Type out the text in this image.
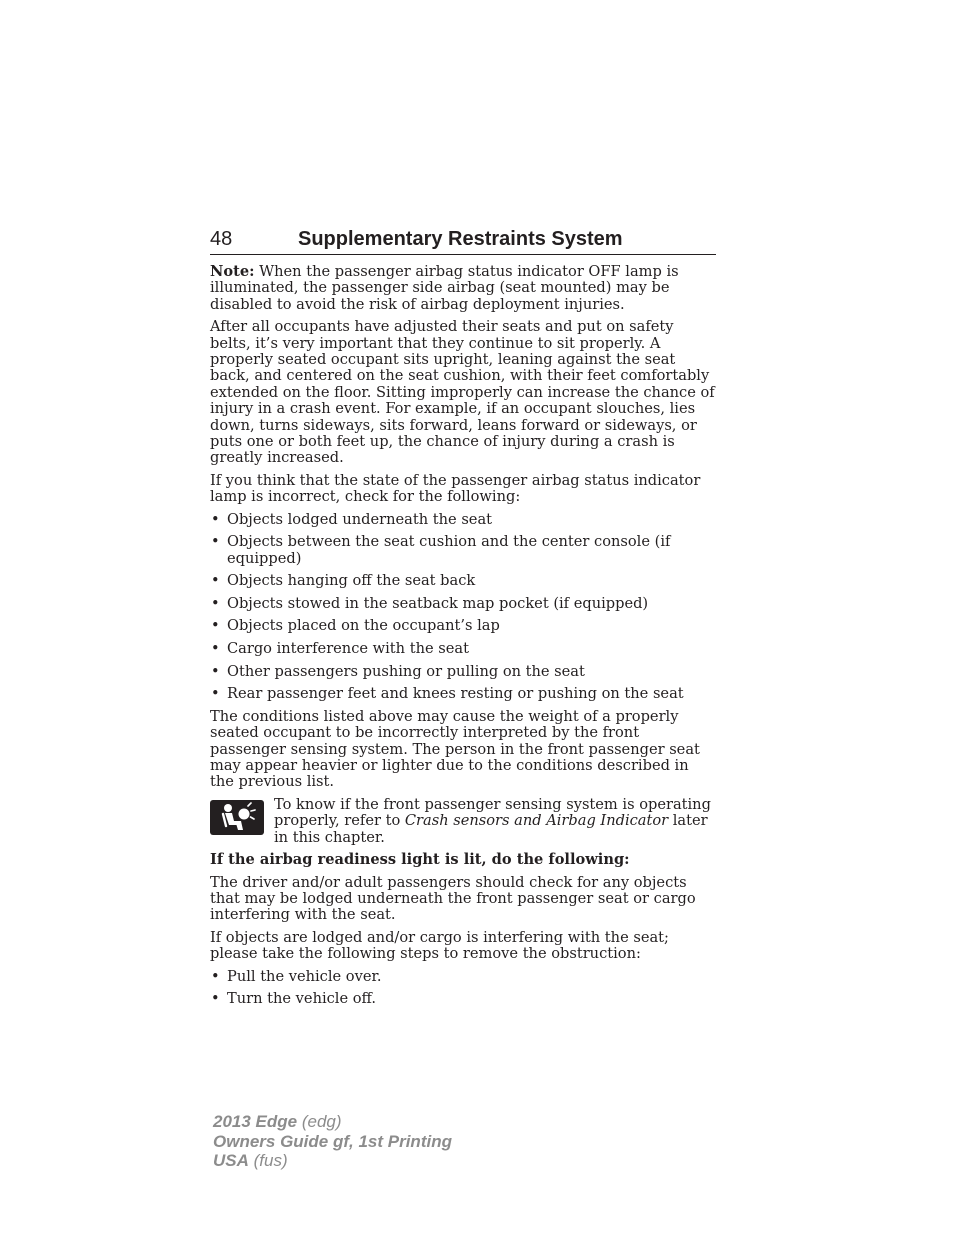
48	Supplementary Restraints System

Note: When the passenger airbag status indicator OFF lamp is illuminated, the passenger side airbag (seat mounted) may be disabled to avoid the risk of airbag deployment injuries.

After all occupants have adjusted their seats and put on safety belts, it’s very important that they continue to sit properly. A properly seated occupant sits upright, leaning against the seat back, and centered on the seat cushion, with their feet comfortably extended on the floor. Sitting improperly can increase the chance of injury in a crash event. For example, if an occupant slouches, lies down, turns sideways, sits forward, leans forward or sideways, or puts one or both feet up, the chance of injury during a crash is greatly increased.

If you think that the state of the passenger airbag status indicator lamp is incorrect, check for the following:

• Objects lodged underneath the seat
• Objects between the seat cushion and the center console (if equipped)
• Objects hanging off the seat back
• Objects stowed in the seatback map pocket (if equipped)
• Objects placed on the occupant’s lap
• Cargo interference with the seat
• Other passengers pushing or pulling on the seat
• Rear passenger feet and knees resting or pushing on the seat

The conditions listed above may cause the weight of a properly seated occupant to be incorrectly interpreted by the front passenger sensing system. The person in the front passenger seat may appear heavier or lighter due to the conditions described in the previous list.

To know if the front passenger sensing system is operating properly, refer to Crash sensors and Airbag Indicator later in this chapter.

If the airbag readiness light is lit, do the following:

The driver and/or adult passengers should check for any objects that may be lodged underneath the front passenger seat or cargo interfering with the seat.

If objects are lodged and/or cargo is interfering with the seat; please take the following steps to remove the obstruction:

• Pull the vehicle over.
• Turn the vehicle off.
2013 Edge (edg)
Owners Guide gf, 1st Printing
USA (fus)
